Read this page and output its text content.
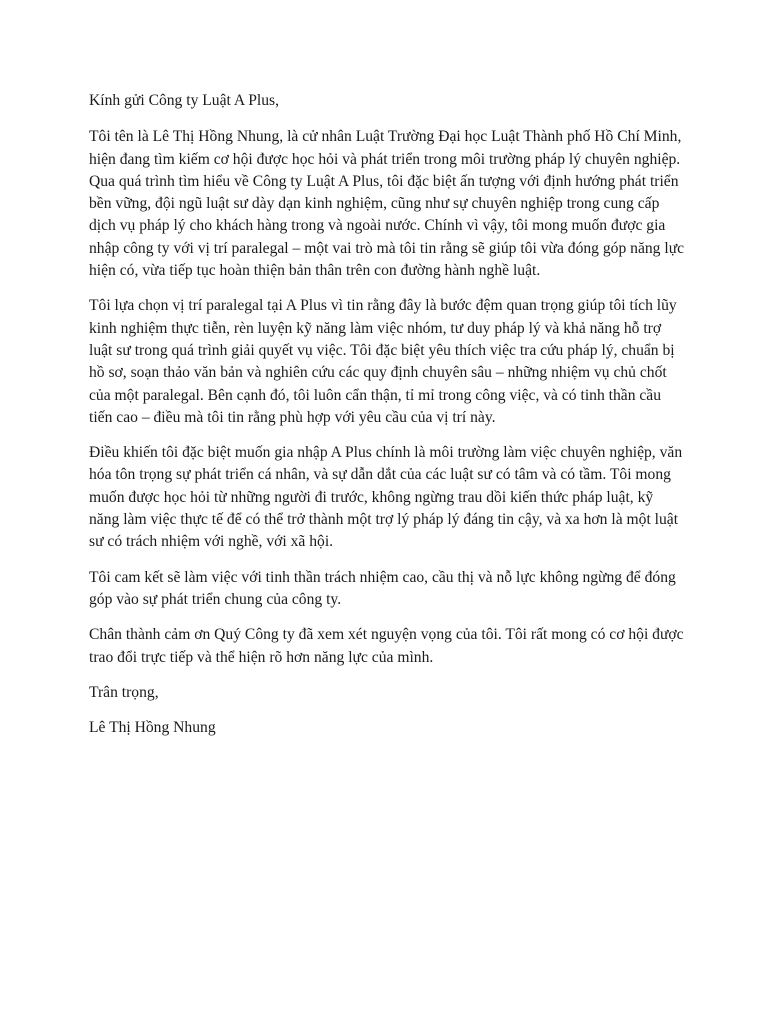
Kính gửi Công ty Luật A Plus,

Tôi tên là Lê Thị Hồng Nhung, là cử nhân Luật Trường Đại học Luật Thành phố Hồ Chí Minh, hiện đang tìm kiếm cơ hội được học hỏi và phát triển trong môi trường pháp lý chuyên nghiệp. Qua quá trình tìm hiểu về Công ty Luật A Plus, tôi đặc biệt ấn tượng với định hướng phát triển bền vững, đội ngũ luật sư dày dạn kinh nghiệm, cũng như sự chuyên nghiệp trong cung cấp dịch vụ pháp lý cho khách hàng trong và ngoài nước. Chính vì vậy, tôi mong muốn được gia nhập công ty với vị trí paralegal – một vai trò mà tôi tin rằng sẽ giúp tôi vừa đóng góp năng lực hiện có, vừa tiếp tục hoàn thiện bản thân trên con đường hành nghề luật.

Tôi lựa chọn vị trí paralegal tại A Plus vì tin rằng đây là bước đệm quan trọng giúp tôi tích lũy kinh nghiệm thực tiễn, rèn luyện kỹ năng làm việc nhóm, tư duy pháp lý và khả năng hỗ trợ luật sư trong quá trình giải quyết vụ việc. Tôi đặc biệt yêu thích việc tra cứu pháp lý, chuẩn bị hồ sơ, soạn thảo văn bản và nghiên cứu các quy định chuyên sâu – những nhiệm vụ chủ chốt của một paralegal. Bên cạnh đó, tôi luôn cẩn thận, tỉ mỉ trong công việc, và có tinh thần cầu tiến cao – điều mà tôi tin rằng phù hợp với yêu cầu của vị trí này.

Điều khiến tôi đặc biệt muốn gia nhập A Plus chính là môi trường làm việc chuyên nghiệp, văn hóa tôn trọng sự phát triển cá nhân, và sự dẫn dắt của các luật sư có tâm và có tầm. Tôi mong muốn được học hỏi từ những người đi trước, không ngừng trau dồi kiến thức pháp luật, kỹ năng làm việc thực tế để có thể trở thành một trợ lý pháp lý đáng tin cậy, và xa hơn là một luật sư có trách nhiệm với nghề, với xã hội.

Tôi cam kết sẽ làm việc với tinh thần trách nhiệm cao, cầu thị và nỗ lực không ngừng để đóng góp vào sự phát triển chung của công ty.

Chân thành cảm ơn Quý Công ty đã xem xét nguyện vọng của tôi. Tôi rất mong có cơ hội được trao đổi trực tiếp và thể hiện rõ hơn năng lực của mình.

Trân trọng,

Lê Thị Hồng Nhung
